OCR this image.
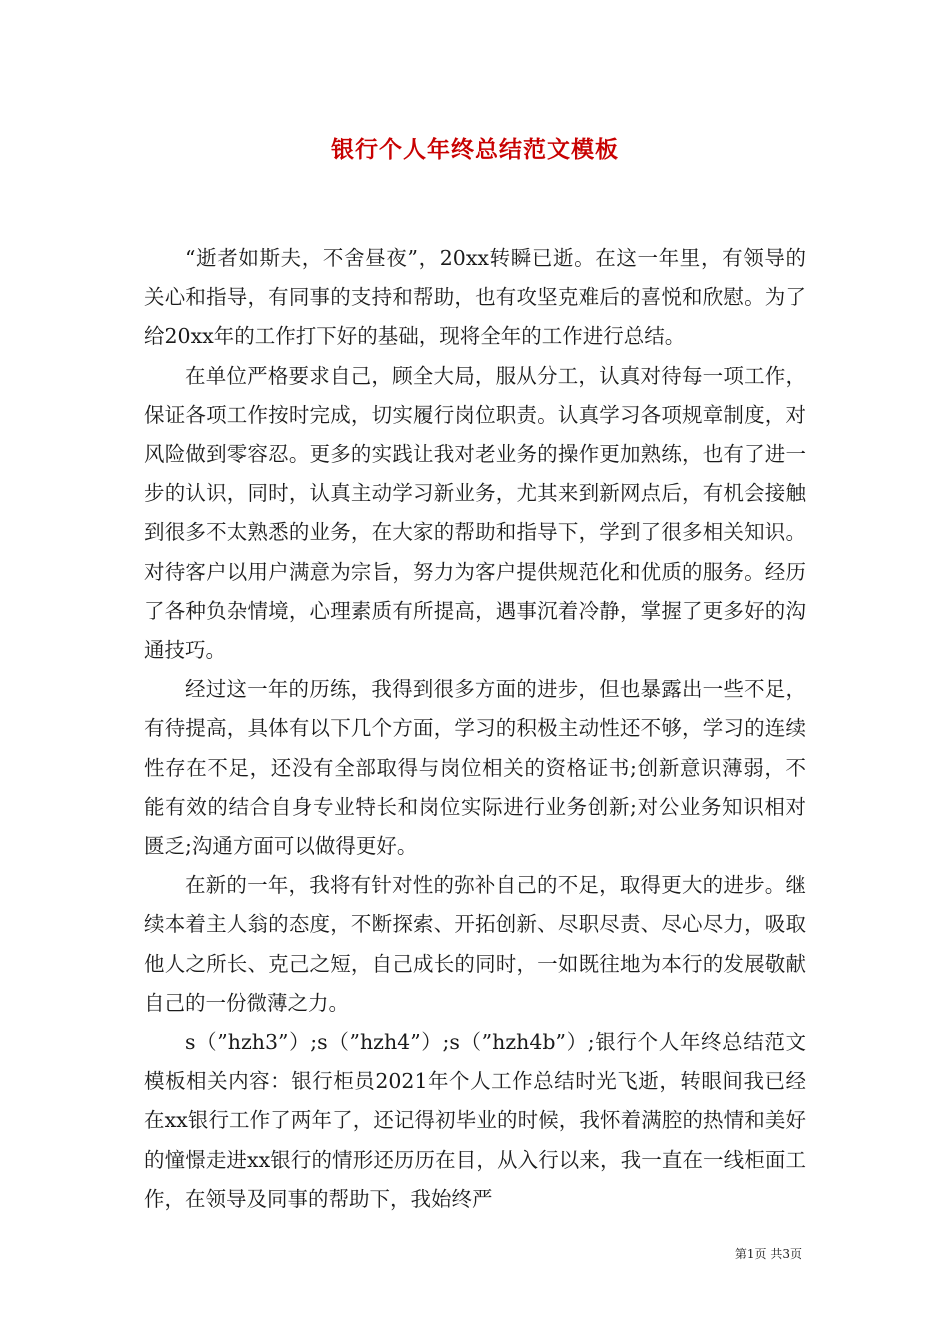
银行个人年终总结范文模板

“逝者如斯夫，不舍昼夜”，20xx转瞬已逝。在这一年里，有领导的关心和指导，有同事的支持和帮助，也有攻坚克难后的喜悦和欣慰。为了给20xx年的工作打下好的基础，现将全年的工作进行总结。

在单位严格要求自己，顾全大局，服从分工，认真对待每一项工作，保证各项工作按时完成，切实履行岗位职责。认真学习各项规章制度，对风险做到零容忍。更多的实践让我对老业务的操作更加熟练，也有了进一步的认识，同时，认真主动学习新业务，尤其来到新网点后，有机会接触到很多不太熟悉的业务，在大家的帮助和指导下，学到了很多相关知识。对待客户以用户满意为宗旨，努力为客户提供规范化和优质的服务。经历了各种负杂情境，心理素质有所提高，遇事沉着冷静，掌握了更多好的沟通技巧。

经过这一年的历练，我得到很多方面的进步，但也暴露出一些不足，有待提高，具体有以下几个方面，学习的积极主动性还不够，学习的连续性存在不足，还没有全部取得与岗位相关的资格证书;创新意识薄弱，不能有效的结合自身专业特长和岗位实际进行业务创新;对公业务知识相对匮乏;沟通方面可以做得更好。

在新的一年，我将有针对性的弥补自己的不足，取得更大的进步。继续本着主人翁的态度，不断探索、开拓创新、尽职尽责、尽心尽力，吸取他人之所长、克己之短，自己成长的同时，一如既往地为本行的发展敬献自己的一份微薄之力。

s（”hzh3”）;s（”hzh4”）;s（”hzh4b”）;银行个人年终总结范文模板相关内容：银行柜员2021年个人工作总结时光飞逝，转眼间我已经在xx银行工作了两年了，还记得初毕业的时候，我怀着满腔的热情和美好的憧憬走进xx银行的情形还历历在目，从入行以来，我一直在一线柜面工作，在领导及同事的帮助下，我始终严

第1页 共3页
